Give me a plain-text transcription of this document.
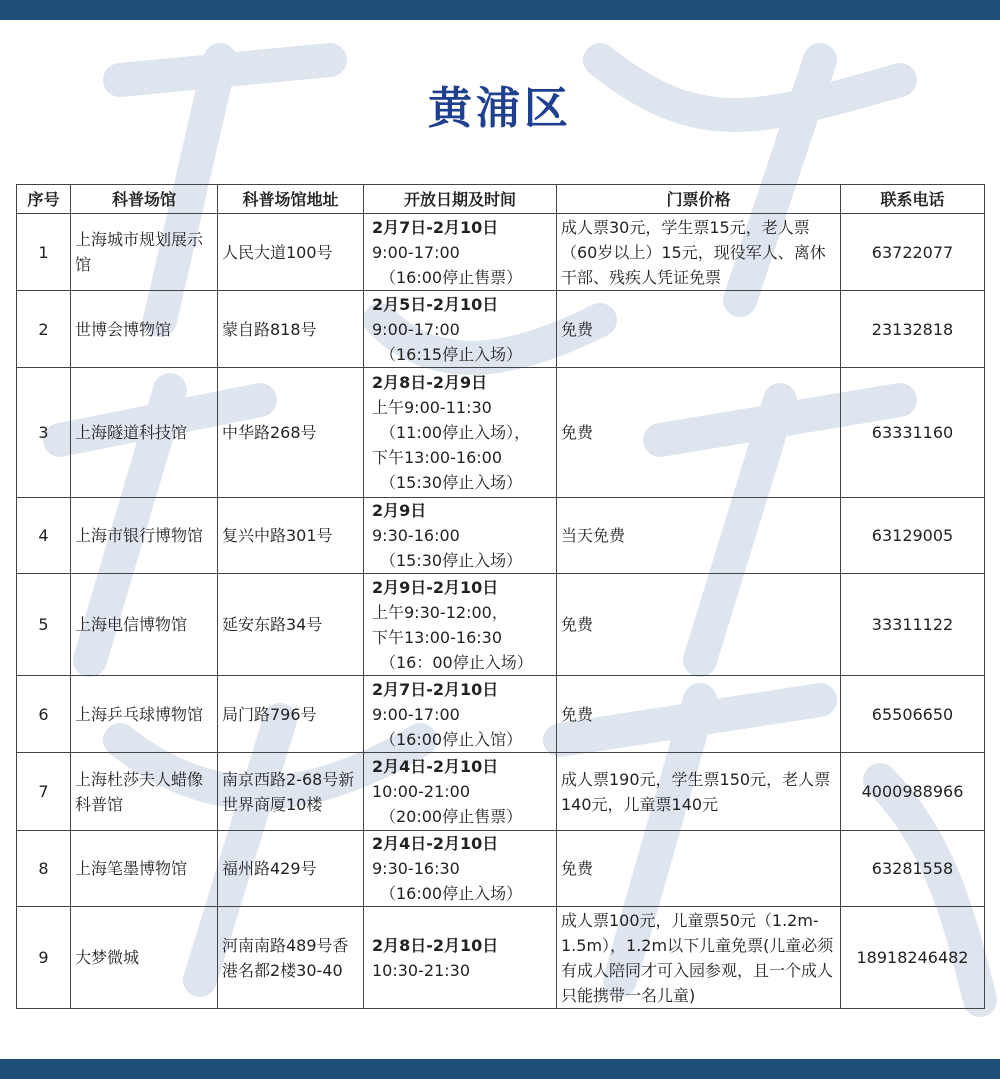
黄浦区
序号	科普场馆	科普场馆地址	开放日期及时间	门票价格	联系电话
1	上海城市规划展示馆	人民大道100号	2月7日-2月10日
9:00-17:00
（16:00停止售票）	成人票30元，学生票15元，老人票（60岁以上）15元，现役军人、离休干部、残疾人凭证免票	63722077
2	世博会博物馆	蒙自路818号	2月5日-2月10日
9:00-17:00
（16:15停止入场）	免费	23132818
3	上海隧道科技馆	中华路268号	2月8日-2月9日
上午9:00-11:30
（11:00停止入场），
下午13:00-16:00
（15:30停止入场）	免费	63331160
4	上海市银行博物馆	复兴中路301号	2月9日
9:30-16:00
（15:30停止入场）	当天免费	63129005
5	上海电信博物馆	延安东路34号	2月9日-2月10日
上午9:30-12:00，
下午13:00-16:30
（16：00停止入场）	免费	33311122
6	上海乒乓球博物馆	局门路796号	2月7日-2月10日
9:00-17:00
（16:00停止入馆）	免费	65506650
7	上海杜莎夫人蜡像科普馆	南京西路2-68号新世界商厦10楼	2月4日-2月10日
10:00-21:00
（20:00停止售票）	成人票190元，学生票150元，老人票140元，儿童票140元	4000988966
8	上海笔墨博物馆	福州路429号	2月4日-2月10日
9:30-16:30
（16:00停止入场）	免费	63281558
9	大梦微城	河南南路489号香港名都2楼30-40	2月8日-2月10日
10:30-21:30	成人票100元，儿童票50元（1.2m-1.5m），1.2m以下儿童免票(儿童必须有成人陪同才可入园参观，且一个成人只能携带一名儿童)	18918246482
